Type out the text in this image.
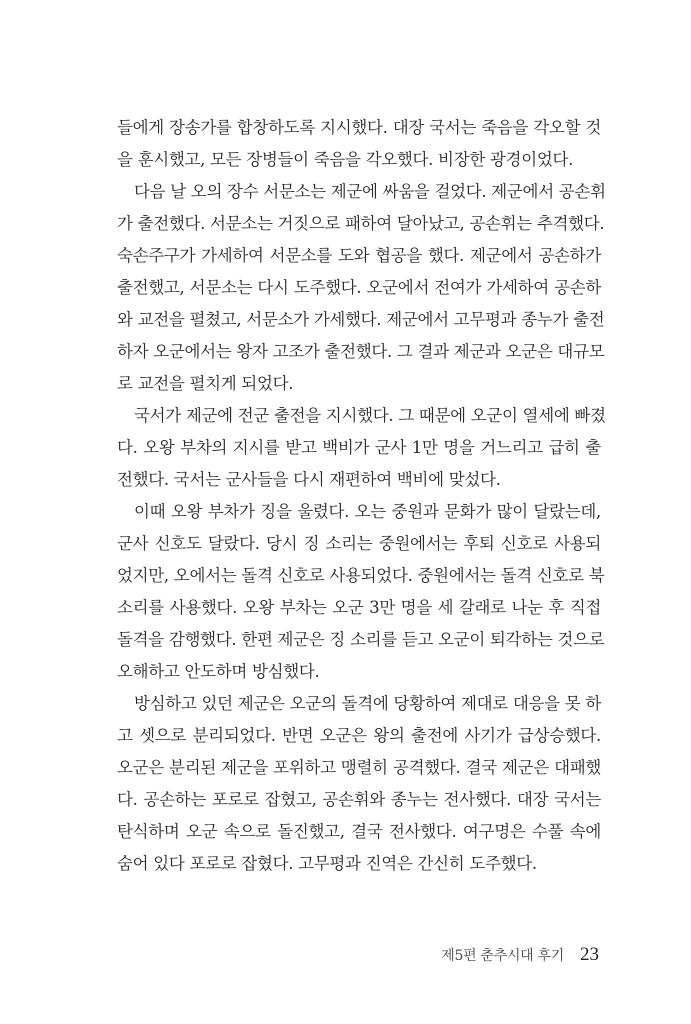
들에게 장송가를 합창하도록 지시했다. 대장 국서는 죽음을 각오할 것
을 훈시했고, 모든 장병들이 죽음을 각오했다. 비장한 광경이었다.
다음 날 오의 장수 서문소는 제군에 싸움을 걸었다. 제군에서 공손휘
가 출전했다. 서문소는 거짓으로 패하여 달아났고, 공손휘는 추격했다.
숙손주구가 가세하여 서문소를 도와 협공을 했다. 제군에서 공손하가
출전했고, 서문소는 다시 도주했다. 오군에서 전여가 가세하여 공손하
와 교전을 펼쳤고, 서문소가 가세했다. 제군에서 고무평과 종누가 출전
하자 오군에서는 왕자 고조가 출전했다. 그 결과 제군과 오군은 대규모
로 교전을 펼치게 되었다.
국서가 제군에 전군 출전을 지시했다. 그 때문에 오군이 열세에 빠졌
다. 오왕 부차의 지시를 받고 백비가 군사 1만 명을 거느리고 급히 출
전했다. 국서는 군사들을 다시 재편하여 백비에 맞섰다.
이때 오왕 부차가 징을 울렸다. 오는 중원과 문화가 많이 달랐는데,
군사 신호도 달랐다. 당시 징 소리는 중원에서는 후퇴 신호로 사용되
었지만, 오에서는 돌격 신호로 사용되었다. 중원에서는 돌격 신호로 북
소리를 사용했다. 오왕 부차는 오군 3만 명을 세 갈래로 나눈 후 직접
돌격을 감행했다. 한편 제군은 징 소리를 듣고 오군이 퇴각하는 것으로
오해하고 안도하며 방심했다.
방심하고 있던 제군은 오군의 돌격에 당황하여 제대로 대응을 못 하
고 셋으로 분리되었다. 반면 오군은 왕의 출전에 사기가 급상승했다.
오군은 분리된 제군을 포위하고 맹렬히 공격했다. 결국 제군은 대패했
다. 공손하는 포로로 잡혔고, 공손휘와 종누는 전사했다. 대장 국서는
탄식하며 오군 속으로 돌진했고, 결국 전사했다. 여구명은 수풀 속에
숨어 있다 포로로 잡혔다. 고무평과 진역은 간신히 도주했다.
제5편 춘추시대 후기 23
